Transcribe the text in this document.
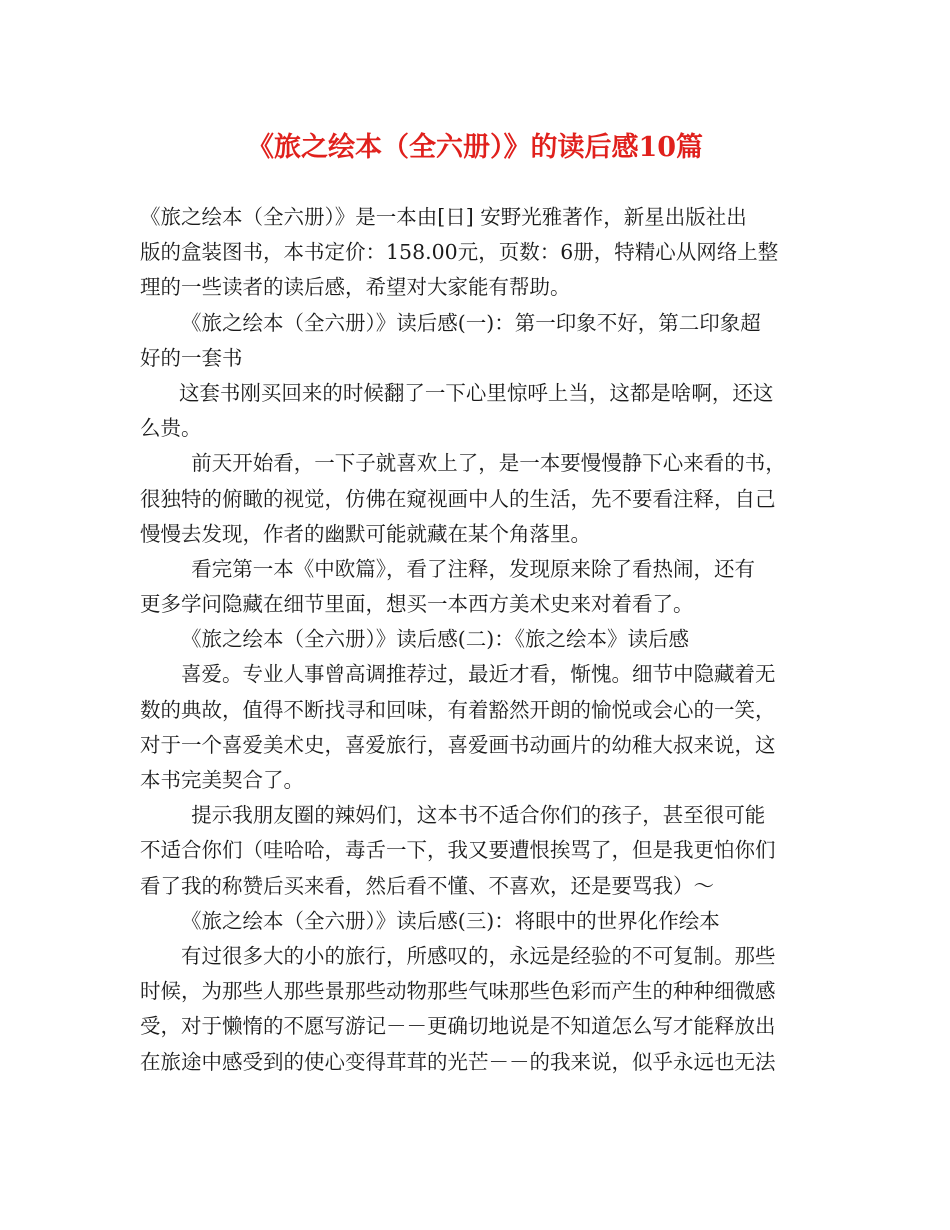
《旅之绘本（全六册）》的读后感10篇
《旅之绘本（全六册）》是一本由[日] 安野光雅著作，新星出版社出
版的盒装图书，本书定价：158.00元，页数：6册，特精心从网络上整
理的一些读者的读后感，希望对大家能有帮助。
《旅之绘本（全六册）》读后感(一)：第一印象不好，第二印象超
好的一套书
这套书刚买回来的时候翻了一下心里惊呼上当，这都是啥啊，还这
么贵。
前天开始看，一下子就喜欢上了，是一本要慢慢静下心来看的书，
很独特的俯瞰的视觉，仿佛在窥视画中人的生活，先不要看注释，自己
慢慢去发现，作者的幽默可能就藏在某个角落里。
看完第一本《中欧篇》，看了注释，发现原来除了看热闹，还有
更多学问隐藏在细节里面，想买一本西方美术史来对着看了。
《旅之绘本（全六册）》读后感(二)：《旅之绘本》读后感
喜爱。专业人事曾高调推荐过，最近才看，惭愧。细节中隐藏着无
数的典故，值得不断找寻和回味，有着豁然开朗的愉悦或会心的一笑，
对于一个喜爱美术史，喜爱旅行，喜爱画书动画片的幼稚大叔来说，这
本书完美契合了。
提示我朋友圈的辣妈们，这本书不适合你们的孩子，甚至很可能
不适合你们（哇哈哈，毒舌一下，我又要遭恨挨骂了，但是我更怕你们
看了我的称赞后买来看，然后看不懂、不喜欢，还是要骂我）～
《旅之绘本（全六册）》读后感(三)：将眼中的世界化作绘本
有过很多大的小的旅行，所感叹的，永远是经验的不可复制。那些
时候，为那些人那些景那些动物那些气味那些色彩而产生的种种细微感
受，对于懒惰的不愿写游记－－更确切地说是不知道怎么写才能释放出
在旅途中感受到的使心变得茸茸的光芒－－的我来说，似乎永远也无法
